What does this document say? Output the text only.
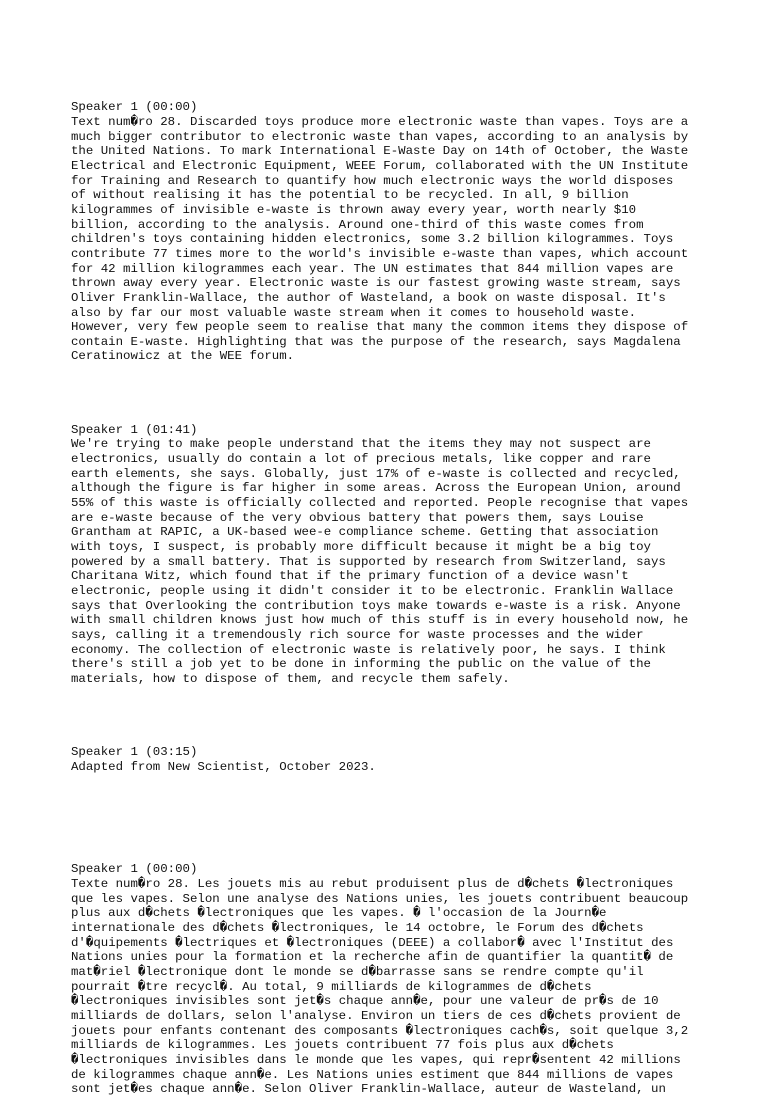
Speaker 1 (00:00)
Text num�ro 28. Discarded toys produce more electronic waste than vapes. Toys are a
much bigger contributor to electronic waste than vapes, according to an analysis by
the United Nations. To mark International E-Waste Day on 14th of October, the Waste
Electrical and Electronic Equipment, WEEE Forum, collaborated with the UN Institute
for Training and Research to quantify how much electronic ways the world disposes
of without realising it has the potential to be recycled. In all, 9 billion
kilogrammes of invisible e-waste is thrown away every year, worth nearly $10
billion, according to the analysis. Around one-third of this waste comes from
children's toys containing hidden electronics, some 3.2 billion kilogrammes. Toys
contribute 77 times more to the world's invisible e-waste than vapes, which account
for 42 million kilogrammes each year. The UN estimates that 844 million vapes are
thrown away every year. Electronic waste is our fastest growing waste stream, says
Oliver Franklin-Wallace, the author of Wasteland, a book on waste disposal. It's
also by far our most valuable waste stream when it comes to household waste.
However, very few people seem to realise that many the common items they dispose of
contain E-waste. Highlighting that was the purpose of the research, says Magdalena
Ceratinowicz at the WEE forum.

Speaker 1 (01:41)
We're trying to make people understand that the items they may not suspect are
electronics, usually do contain a lot of precious metals, like copper and rare
earth elements, she says. Globally, just 17% of e-waste is collected and recycled,
although the figure is far higher in some areas. Across the European Union, around
55% of this waste is officially collected and reported. People recognise that vapes
are e-waste because of the very obvious battery that powers them, says Louise
Grantham at RAPIC, a UK-based wee-e compliance scheme. Getting that association
with toys, I suspect, is probably more difficult because it might be a big toy
powered by a small battery. That is supported by research from Switzerland, says
Charitana Witz, which found that if the primary function of a device wasn't
electronic, people using it didn't consider it to be electronic. Franklin Wallace
says that Overlooking the contribution toys make towards e-waste is a risk. Anyone
with small children knows just how much of this stuff is in every household now, he
says, calling it a tremendously rich source for waste processes and the wider
economy. The collection of electronic waste is relatively poor, he says. I think
there's still a job yet to be done in informing the public on the value of the
materials, how to dispose of them, and recycle them safely.

Speaker 1 (03:15)
Adapted from New Scientist, October 2023.

Speaker 1 (00:00)
Texte num�ro 28. Les jouets mis au rebut produisent plus de d�chets �lectroniques
que les vapes. Selon une analyse des Nations unies, les jouets contribuent beaucoup
plus aux d�chets �lectroniques que les vapes. � l'occasion de la Journ�e
internationale des d�chets �lectroniques, le 14 octobre, le Forum des d�chets
d'�quipements �lectriques et �lectroniques (DEEE) a collabor� avec l'Institut des
Nations unies pour la formation et la recherche afin de quantifier la quantit� de
mat�riel �lectronique dont le monde se d�barrasse sans se rendre compte qu'il
pourrait �tre recycl�. Au total, 9 milliards de kilogrammes de d�chets
�lectroniques invisibles sont jet�s chaque ann�e, pour une valeur de pr�s de 10
milliards de dollars, selon l'analyse. Environ un tiers de ces d�chets provient de
jouets pour enfants contenant des composants �lectroniques cach�s, soit quelque 3,2
milliards de kilogrammes. Les jouets contribuent 77 fois plus aux d�chets
�lectroniques invisibles dans le monde que les vapes, qui repr�sentent 42 millions
de kilogrammes chaque ann�e. Les Nations unies estiment que 844 millions de vapes
sont jet�es chaque ann�e. Selon Oliver Franklin-Wallace, auteur de Wasteland, un
